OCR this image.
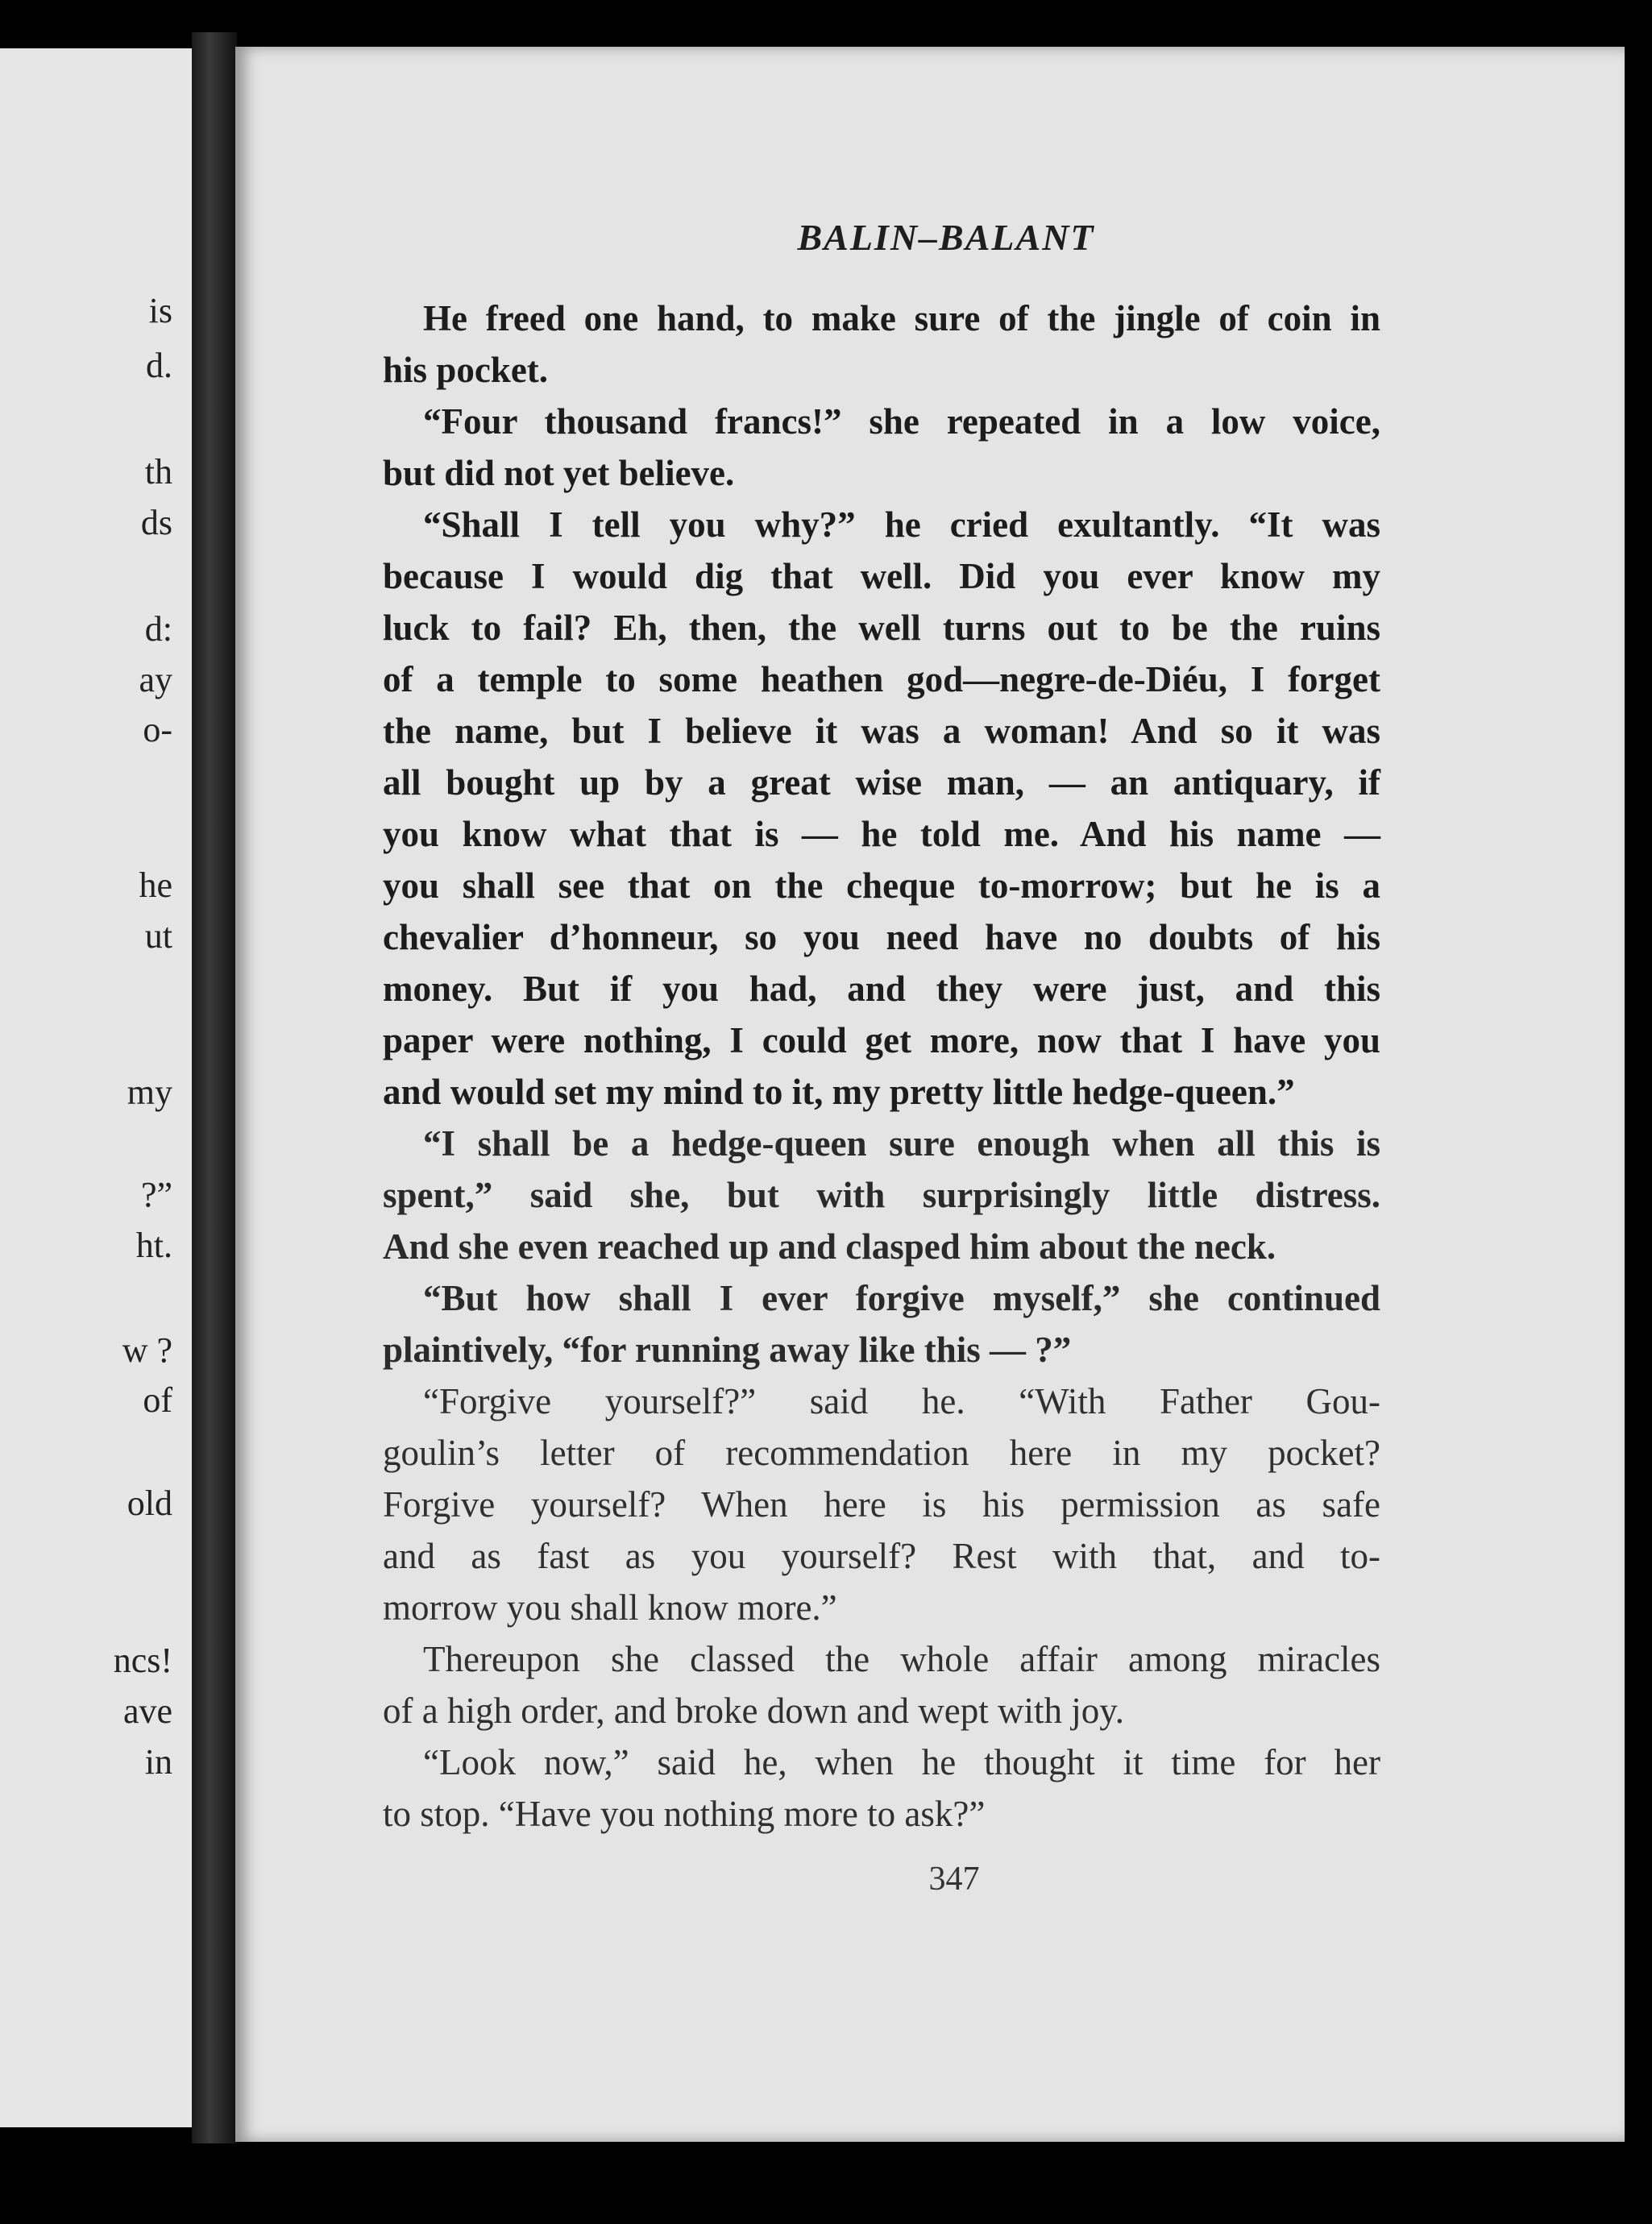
is
d.
th
ds
d:
ay
o-
he
ut
my
?”
ht.
w ?
of
old
ncs!
ave
in
BALIN–BALANT
He freed one hand, to make sure of the jingle of coin in
his pocket.
“Four thousand francs!” she repeated in a low voice,
but did not yet believe.
“Shall I tell you why?” he cried exultantly. “It was
because I would dig that well. Did you ever know my
luck to fail? Eh, then, the well turns out to be the ruins
of a temple to some heathen god—negre-de-Diéu, I forget
the name, but I believe it was a woman! And so it was
all bought up by a great wise man, — an antiquary, if
you know what that is — he told me. And his name —
you shall see that on the cheque to-morrow; but he is a
chevalier d’honneur, so you need have no doubts of his
money. But if you had, and they were just, and this
paper were nothing, I could get more, now that I have you
and would set my mind to it, my pretty little hedge-queen.”
“I shall be a hedge-queen sure enough when all this is
spent,” said she, but with surprisingly little distress.
And she even reached up and clasped him about the neck.
“But how shall I ever forgive myself,” she continued
plaintively, “for running away like this — ?”
“Forgive yourself?” said he. “With Father Gou-
goulin’s letter of recommendation here in my pocket?
Forgive yourself? When here is his permission as safe
and as fast as you yourself? Rest with that, and to-
morrow you shall know more.”
Thereupon she classed the whole affair among miracles
of a high order, and broke down and wept with joy.
“Look now,” said he, when he thought it time for her
to stop. “Have you nothing more to ask?”
347
